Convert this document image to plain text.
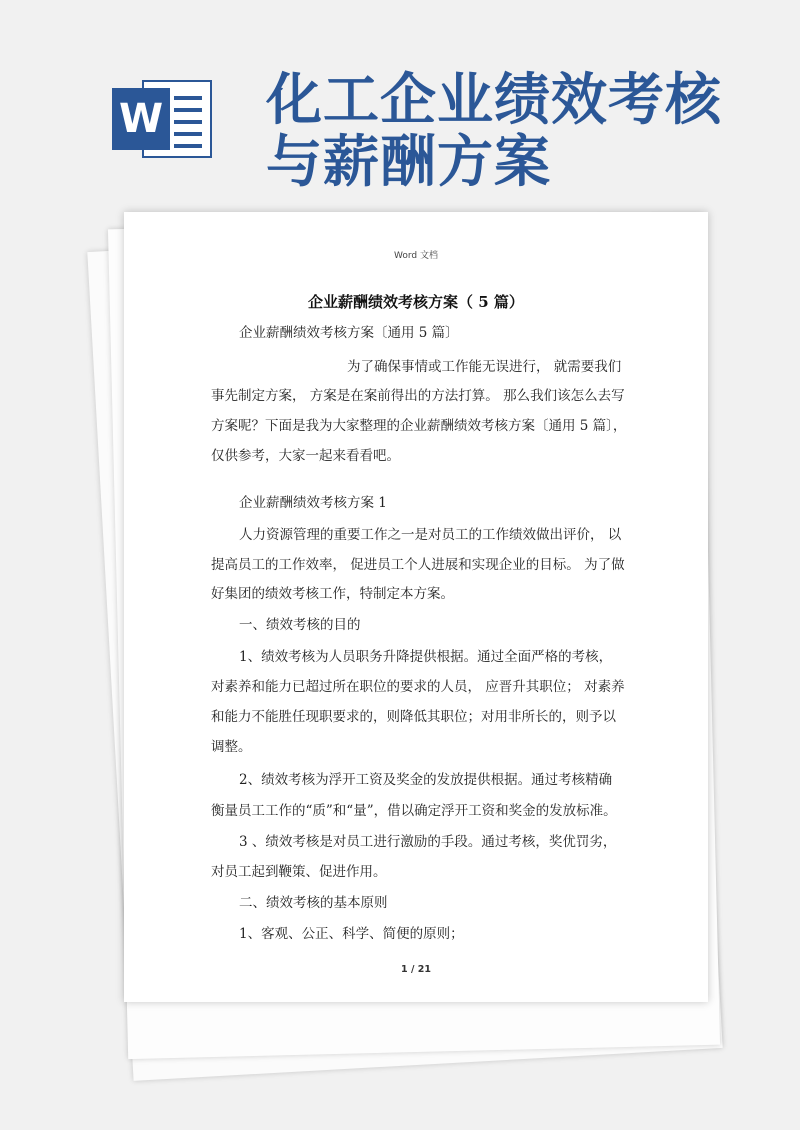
W 化工企业绩效考核
与薪酬方案
Word 文档
企业薪酬绩效考核方案（ 5 篇）
企业薪酬绩效考核方案〔通用 5 篇〕
为了确保事情或工作能无误进行， 就需要我们
事先制定方案， 方案是在案前得出的方法打算。 那么我们该怎么去写
方案呢？下面是我为大家整理的企业薪酬绩效考核方案〔通用 5 篇〕，
仅供参考，大家一起来看看吧。
企业薪酬绩效考核方案 1
人力资源管理的重要工作之一是对员工的工作绩效做出评价， 以
提高员工的工作效率， 促进员工个人进展和实现企业的目标。 为了做
好集团的绩效考核工作，特制定本方案。
一、绩效考核的目的
1、绩效考核为人员职务升降提供根据。通过全面严格的考核，
对素养和能力已超过所在职位的要求的人员， 应晋升其职位； 对素养
和能力不能胜任现职要求的，则降低其职位；对用非所长的，则予以
调整。
2、绩效考核为浮开工资及奖金的发放提供根据。通过考核精确
衡量员工工作的“质”和“量”，借以确定浮开工资和奖金的发放标准。
3 、绩效考核是对员工进行激励的手段。通过考核，奖优罚劣，
对员工起到鞭策、促进作用。
二、绩效考核的基本原则
1、客观、公正、科学、简便的原则；
1 / 21
